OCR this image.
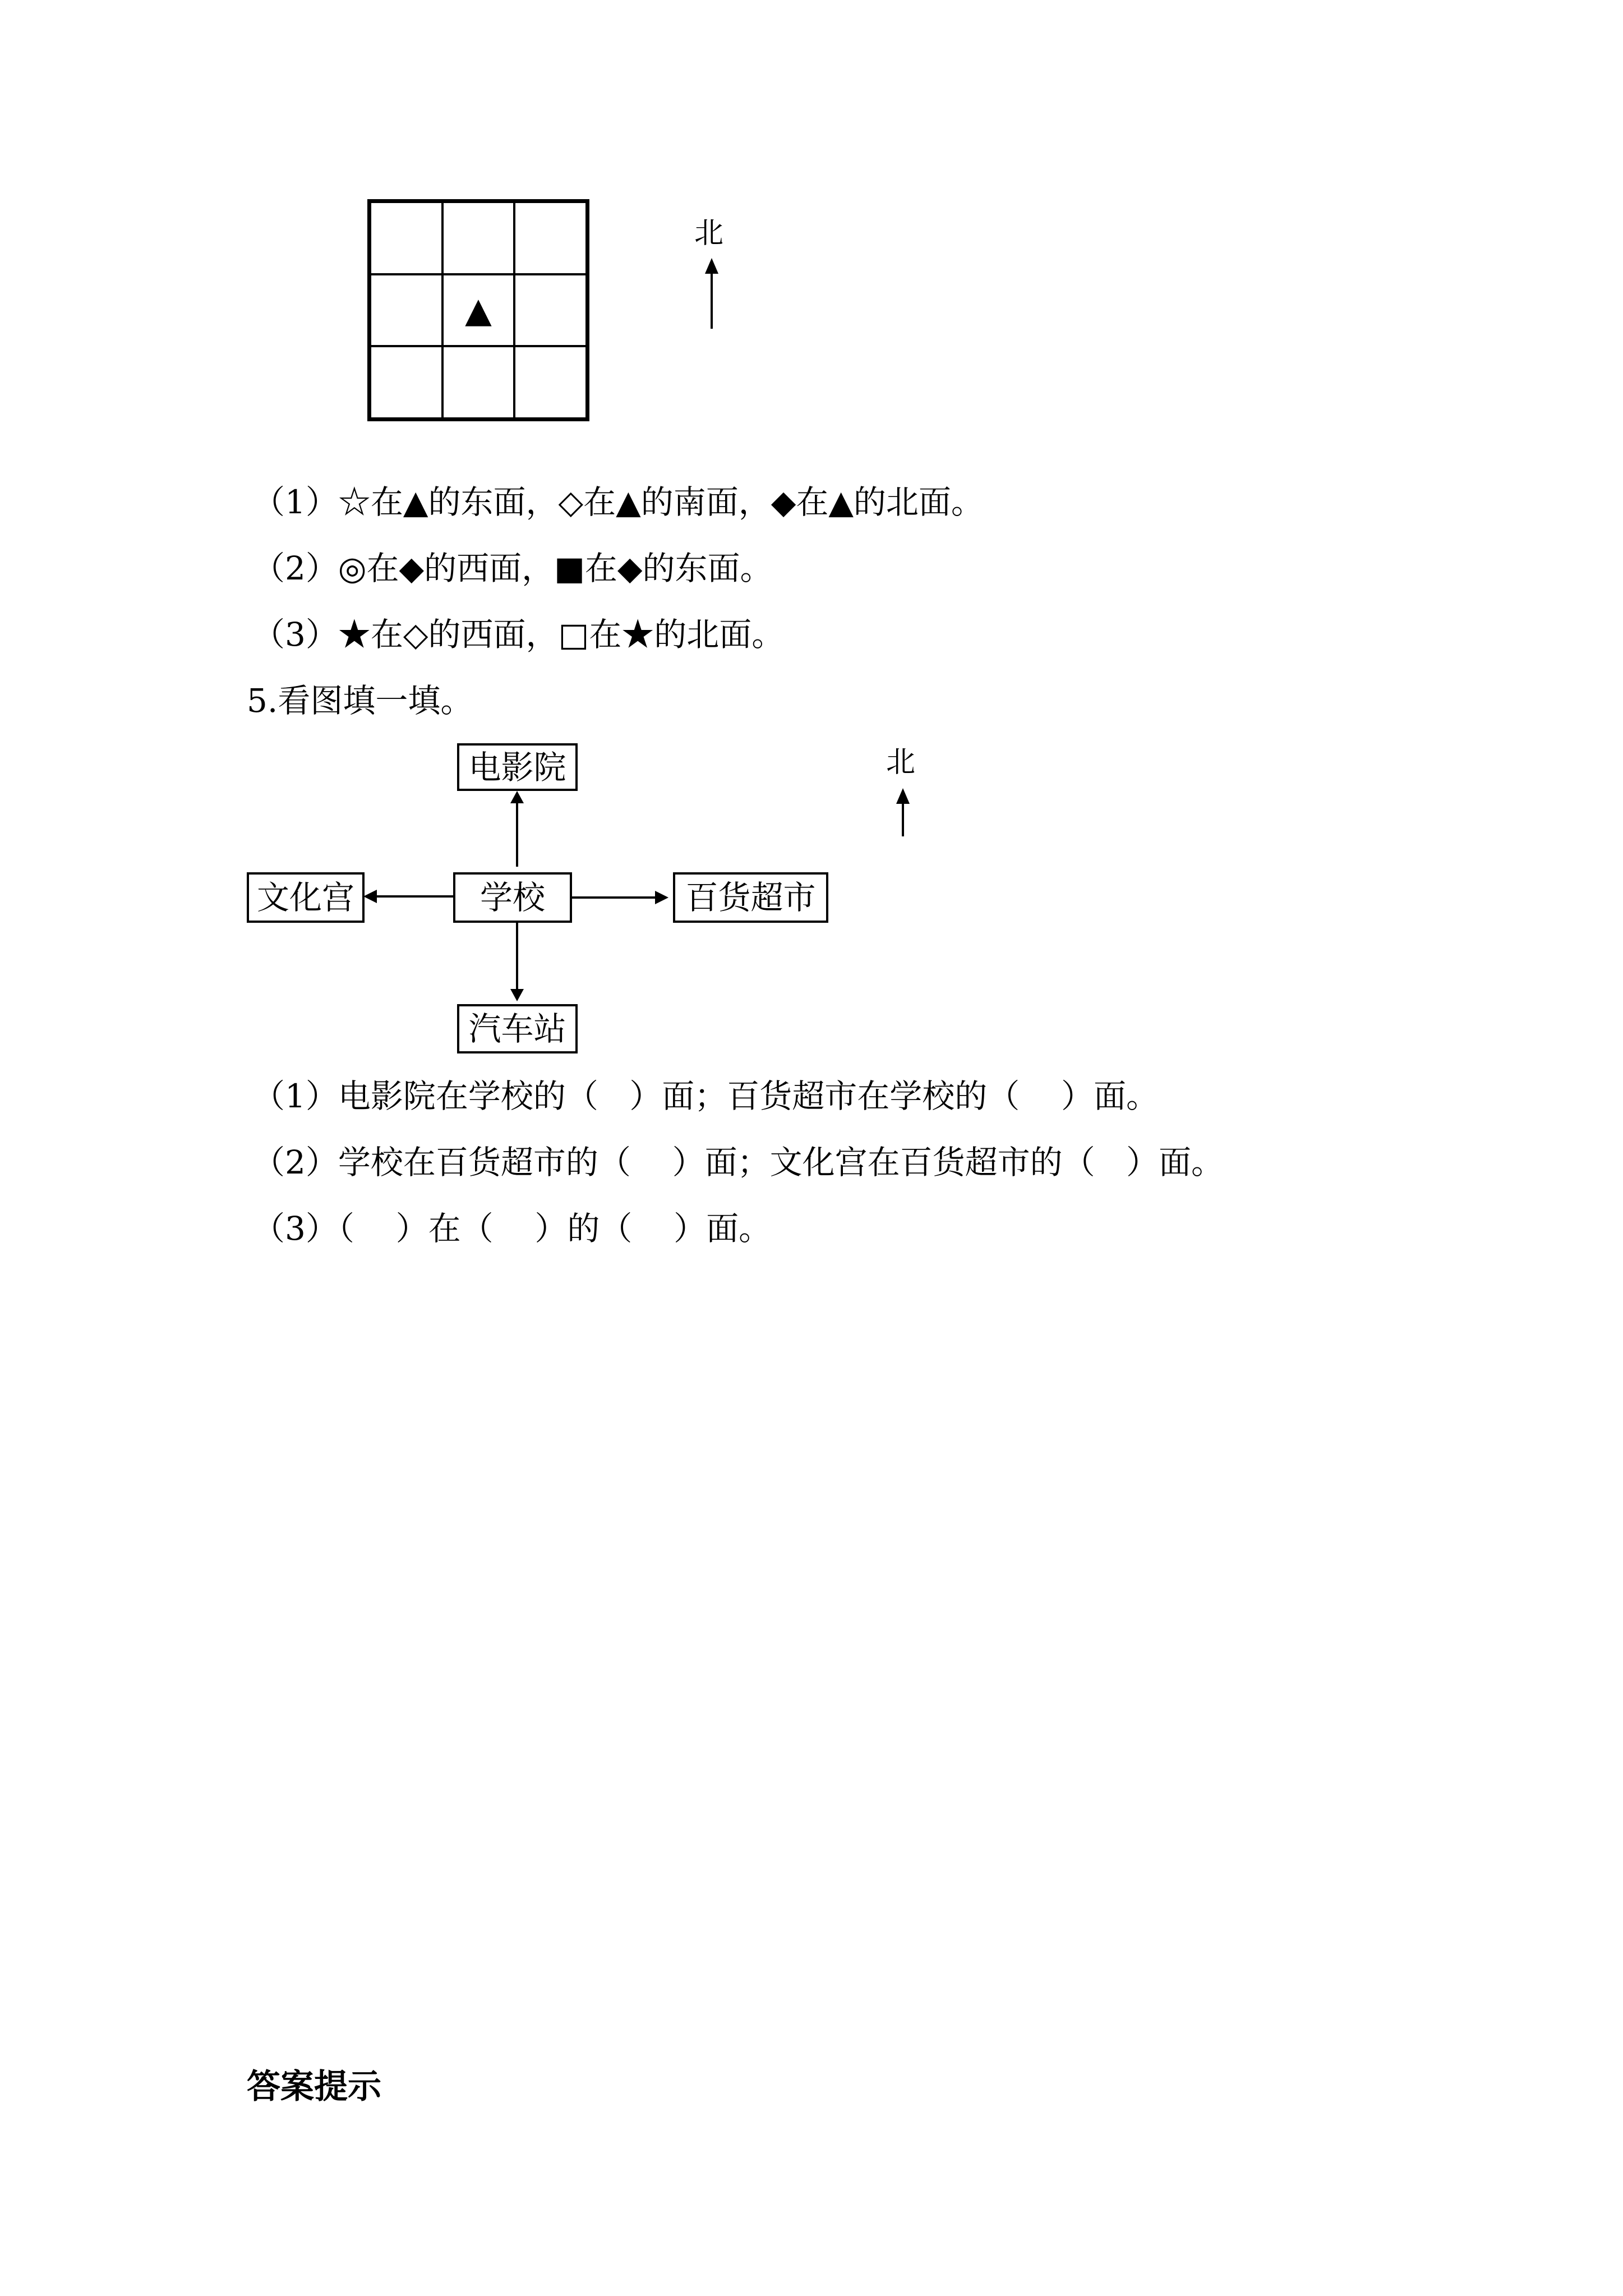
▲
北
（1）☆在▲的东面，◇在▲的南面，◆在▲的北面。
（2）◎在◆的西面，■在◆的东面。
（3）★在◇的西面，□在★的北面。
5.看图填一填。
电影院
学校	百货超市
文化宫
汽车站
北
（1）电影院在学校的（   ）面；百货超市在学校的（    ）面。
（2）学校在百货超市的（    ）面；文化宫在百货超市的（   ）面。
（3）（    ）在（    ）的（    ）面。
答案提示
